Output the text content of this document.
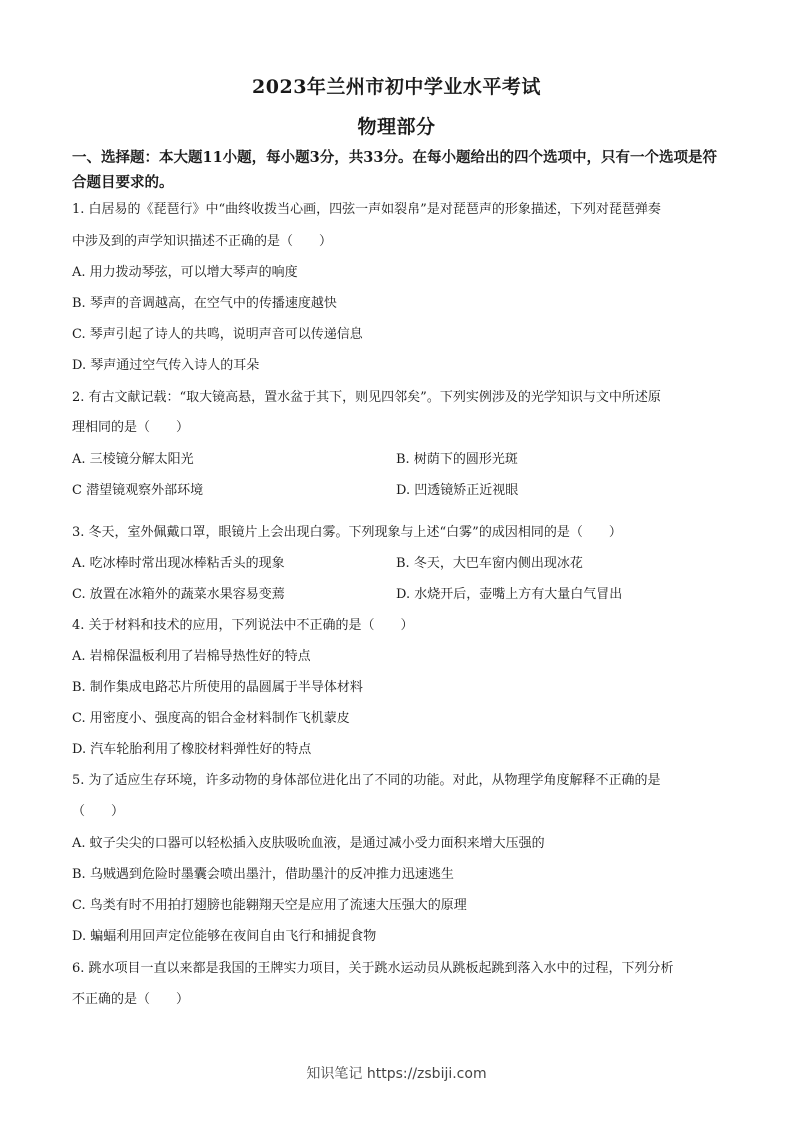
2023年兰州市初中学业水平考试
物理部分
一、选择题：本大题11小题，每小题3分，共33分。在每小题给出的四个选项中，只有一个选项是符合题目要求的。
1. 白居易的《琵琶行》中“曲终收拨当心画，四弦一声如裂帛”是对琵琶声的形象描述，下列对琵琶弹奏
中涉及到的声学知识描述不正确的是（　　）
A. 用力拨动琴弦，可以增大琴声的响度
B. 琴声的音调越高，在空气中的传播速度越快
C. 琴声引起了诗人的共鸣，说明声音可以传递信息
D. 琴声通过空气传入诗人的耳朵
2. 有古文献记载：“取大镜高悬，置水盆于其下，则见四邻矣”。下列实例涉及的光学知识与文中所述原
理相同的是（　　）
A. 三棱镜分解太阳光	B. 树荫下的圆形光斑
C 潜望镜观察外部环境	D. 凹透镜矫正近视眼
3. 冬天，室外佩戴口罩，眼镜片上会出现白雾。下列现象与上述“白雾”的成因相同的是（　　）
A. 吃冰棒时常出现冰棒粘舌头的现象	B. 冬天，大巴车窗内侧出现冰花
C. 放置在冰箱外的蔬菜水果容易变蔫	D. 水烧开后，壶嘴上方有大量白气冒出
4. 关于材料和技术的应用，下列说法中不正确的是（　　）
A. 岩棉保温板利用了岩棉导热性好的特点
B. 制作集成电路芯片所使用的晶圆属于半导体材料
C. 用密度小、强度高的铝合金材料制作飞机蒙皮
D. 汽车轮胎利用了橡胶材料弹性好的特点
5. 为了适应生存环境，许多动物的身体部位进化出了不同的功能。对此，从物理学角度解释不正确的是
（　　）
A. 蚊子尖尖的口器可以轻松插入皮肤吸吮血液，是通过减小受力面积来增大压强的
B. 乌贼遇到危险时墨囊会喷出墨汁，借助墨汁的反冲推力迅速逃生
C. 鸟类有时不用拍打翅膀也能翱翔天空是应用了流速大压强大的原理
D. 蝙蝠利用回声定位能够在夜间自由飞行和捕捉食物
6. 跳水项目一直以来都是我国的王牌实力项目，关于跳水运动员从跳板起跳到落入水中的过程，下列分析
不正确的是（　　）
知识笔记 https://zsbiji.com
